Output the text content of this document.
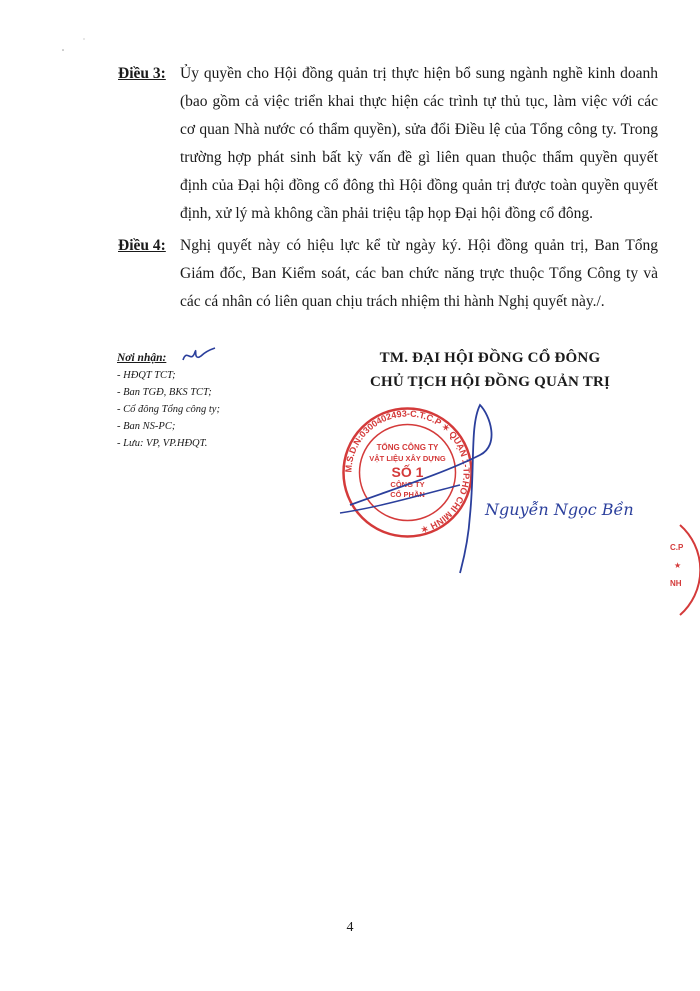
Điều 3: Ủy quyền cho Hội đồng quản trị thực hiện bổ sung ngành nghề kinh doanh (bao gồm cả việc triển khai thực hiện các trình tự thủ tục, làm việc với các cơ quan Nhà nước có thẩm quyền), sửa đổi Điều lệ của Tổng công ty. Trong trường hợp phát sinh bất kỳ vấn đề gì liên quan thuộc thẩm quyền quyết định của Đại hội đồng cổ đông thì Hội đồng quản trị được toàn quyền quyết định, xử lý mà không cần phải triệu tập họp Đại hội đồng cổ đông.
Điều 4: Nghị quyết này có hiệu lực kể từ ngày ký. Hội đồng quản trị, Ban Tổng Giám đốc, Ban Kiểm soát, các ban chức năng trực thuộc Tổng Công ty và các cá nhân có liên quan chịu trách nhiệm thi hành Nghị quyết này./.
Nơi nhận:
- HĐQT TCT;
- Ban TGĐ, BKS TCT;
- Cổ đông Tổng công ty;
- Ban NS-PC;
- Lưu: VP, VP.HĐQT.
TM. ĐẠI HỘI ĐỒNG CỔ ĐÔNG
CHỦ TỊCH HỘI ĐỒNG QUẢN TRỊ
M.S.D.N:0300402493-C.T.C.P ✶ QUẬN 1-TP.HỒ CHÍ MINH ✶
TỔNG CÔNG TY
VẬT LIỆU XÂY DỰNG
SỐ 1
CÔNG TY
CỔ PHẦN
Nguyễn Ngọc Bền
C.P
★
NH
4
